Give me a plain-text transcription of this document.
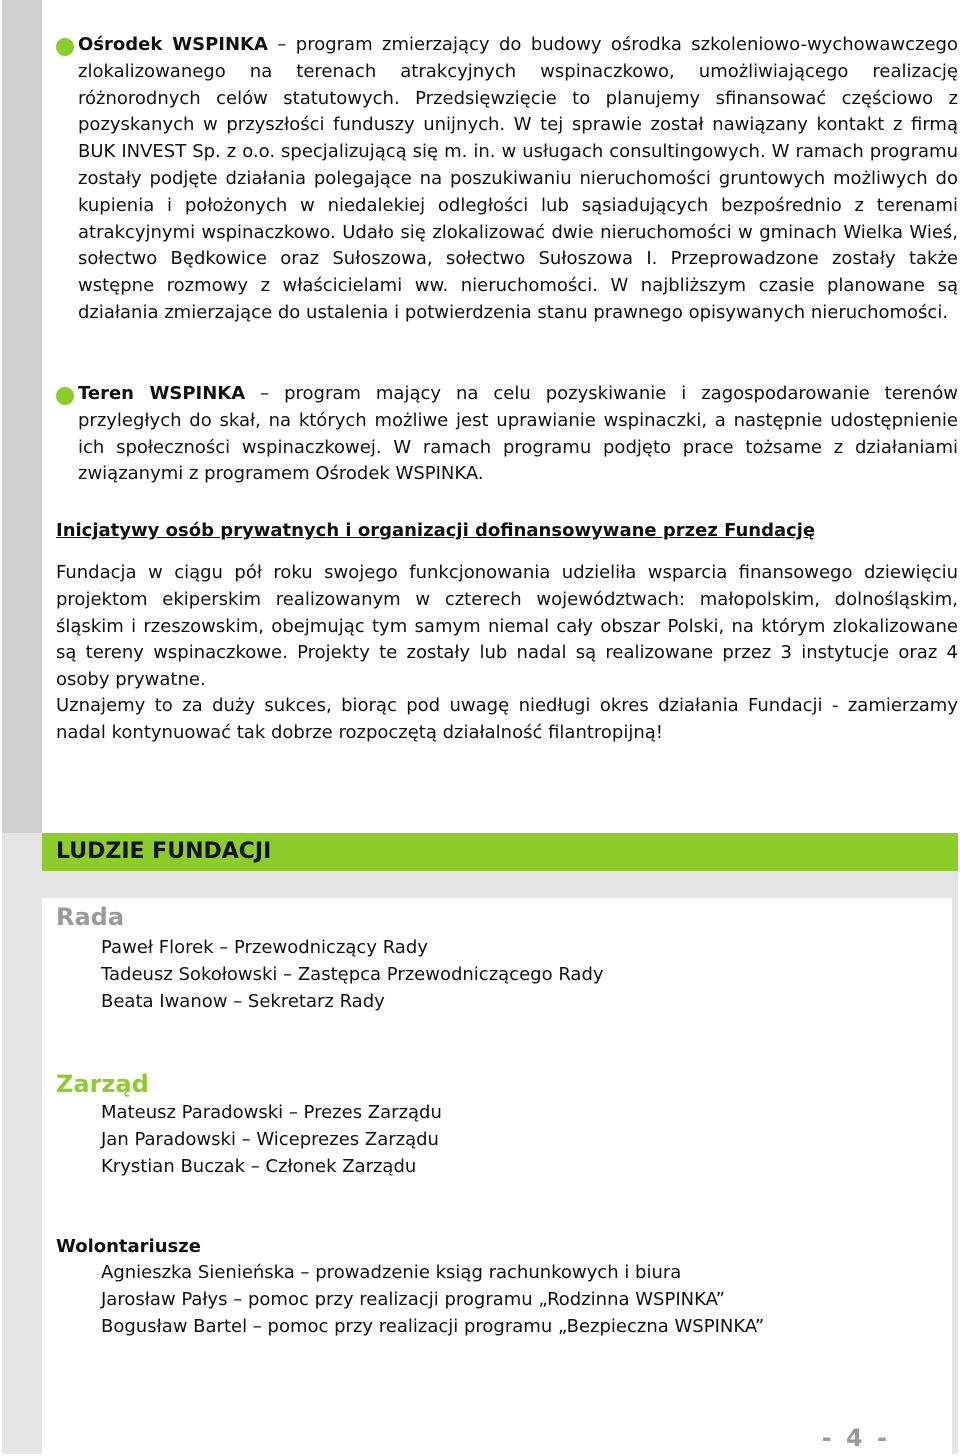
Ośrodek WSPINKA – program zmierzający do budowy ośrodka szkoleniowo-wychowawczego zlokalizowanego na terenach atrakcyjnych wspinaczkowo, umożliwiającego realizację różnorodnych celów statutowych. Przedsięwzięcie to planujemy sfinansować częściowo z pozyskanych w przyszłości funduszy unijnych. W tej sprawie został nawiązany kontakt z firmą BUK INVEST Sp. z o.o. specjalizującą się m. in. w usługach consultingowych. W ramach programu zostały podjęte działania polegające na poszukiwaniu nieruchomości gruntowych możliwych do kupienia i położonych w niedalekiej odległości lub sąsiadujących bezpośrednio z terenami atrakcyjnymi wspinaczkowo. Udało się zlokalizować dwie nieruchomości w gminach Wielka Wieś, sołectwo Będkowice oraz Sułoszowa, sołectwo Sułoszowa I. Przeprowadzone zostały także wstępne rozmowy z właścicielami ww. nieruchomości. W najbliższym czasie planowane są działania zmierzające do ustalenia i potwierdzenia stanu prawnego opisywanych nieruchomości.
Teren WSPINKA – program mający na celu pozyskiwanie i zagospodarowanie terenów przyległych do skał, na których możliwe jest uprawianie wspinaczki, a następnie udostępnienie ich społeczności wspinaczkowej. W ramach programu podjęto prace tożsame z działaniami związanymi z programem Ośrodek WSPINKA.
Inicjatywy osób prywatnych i organizacji dofinansowywane przez Fundację
Fundacja w ciągu pół roku swojego funkcjonowania udzieliła wsparcia finansowego dziewięciu projektom ekiperskim realizowanym w czterech województwach: małopolskim, dolnośląskim, śląskim i rzeszowskim, obejmując tym samym niemal cały obszar Polski, na którym zlokalizowane są tereny wspinaczkowe. Projekty te zostały lub nadal są realizowane przez 3 instytucje oraz 4 osoby prywatne.
Uznajemy to za duży sukces, biorąc pod uwagę niedługi okres działania Fundacji - zamierzamy nadal kontynuować tak dobrze rozpoczętą działalność filantropijną!
LUDZIE FUNDACJI
Rada
Paweł Florek – Przewodniczący Rady
Tadeusz Sokołowski – Zastępca Przewodniczącego Rady
Beata Iwanow – Sekretarz Rady
Zarząd
Mateusz Paradowski – Prezes Zarządu
Jan Paradowski – Wiceprezes Zarządu
Krystian Buczak – Członek Zarządu
Wolontariusze
Agnieszka Sienieńska – prowadzenie ksiąg rachunkowych i biura
Jarosław Pałys – pomoc przy realizacji programu „Rodzinna WSPINKA”
Bogusław Bartel – pomoc przy realizacji programu „Bezpieczna WSPINKA”
- 4 -
